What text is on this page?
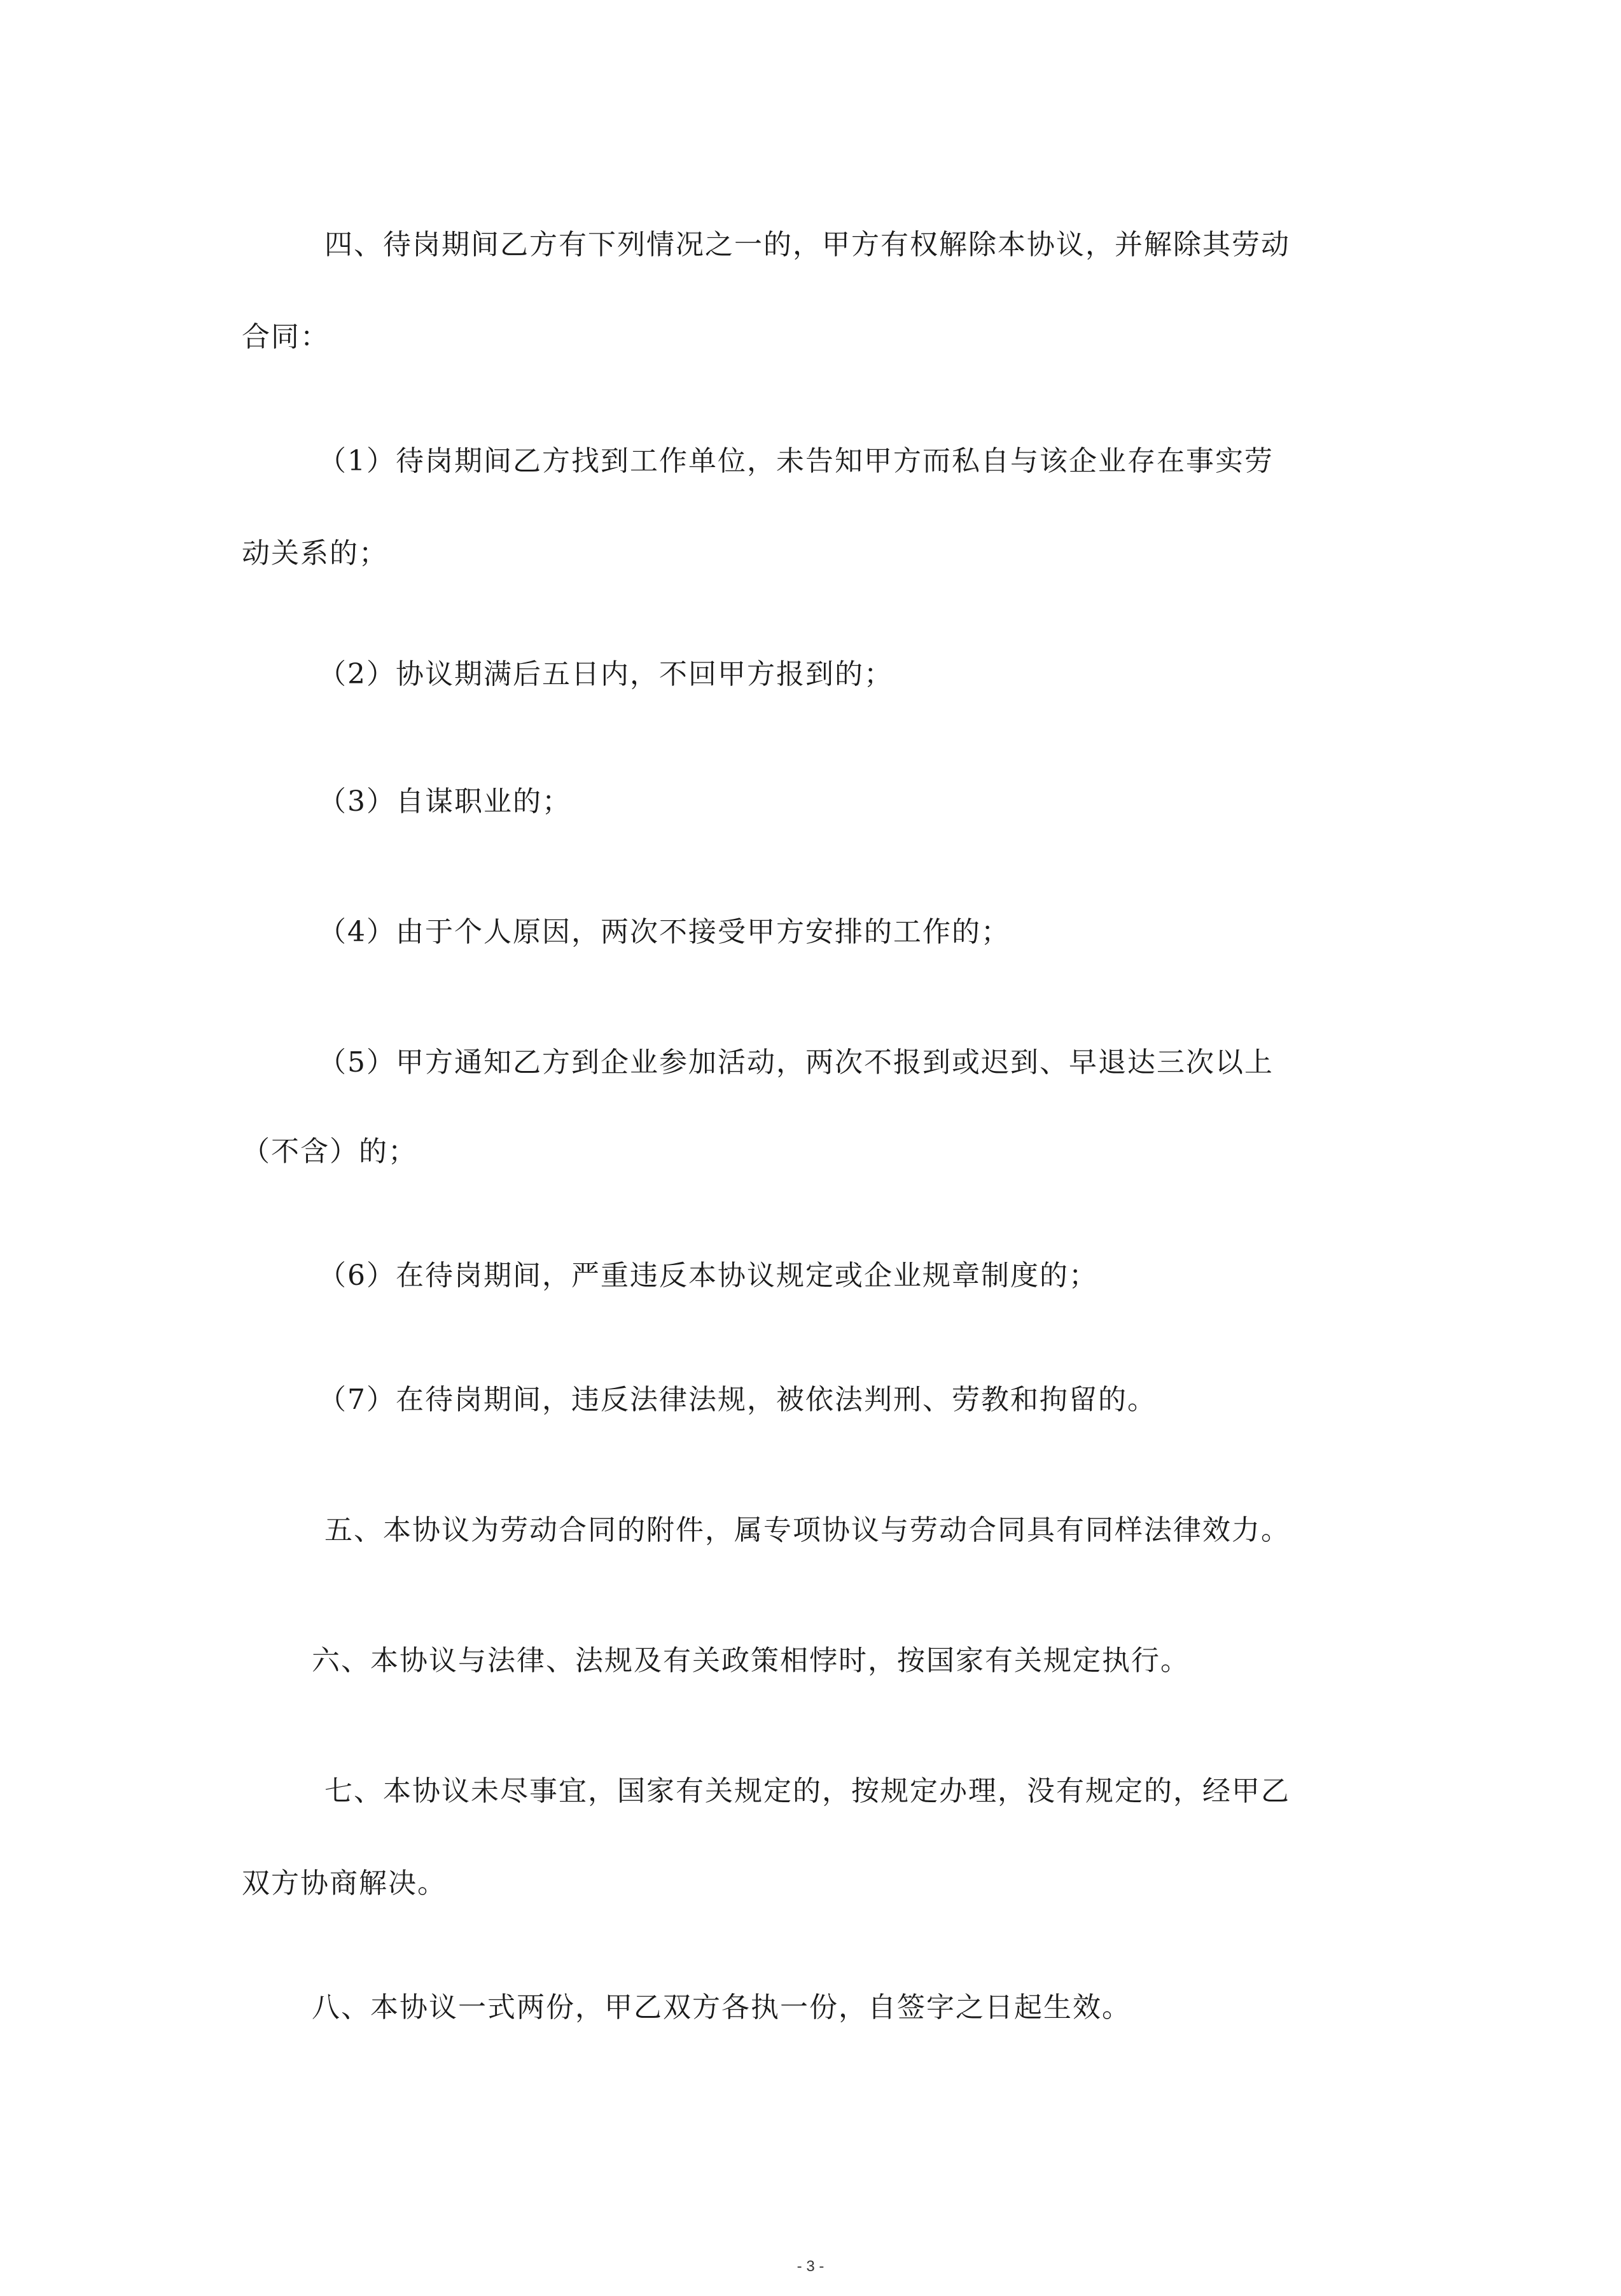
四、待岗期间乙方有下列情况之一的，甲方有权解除本协议，并解除其劳动
合同：
（1）待岗期间乙方找到工作单位，未告知甲方而私自与该企业存在事实劳
动关系的；
（2）协议期满后五日内，不回甲方报到的；
（3）自谋职业的；
（4）由于个人原因，两次不接受甲方安排的工作的；
（5）甲方通知乙方到企业参加活动，两次不报到或迟到、早退达三次以上
（不含）的；
（6）在待岗期间，严重违反本协议规定或企业规章制度的；
（7）在待岗期间，违反法律法规，被依法判刑、劳教和拘留的。
五、本协议为劳动合同的附件，属专项协议与劳动合同具有同样法律效力。
六、本协议与法律、法规及有关政策相悖时，按国家有关规定执行。
七、本协议未尽事宜，国家有关规定的，按规定办理，没有规定的，经甲乙
双方协商解决。
八、本协议一式两份，甲乙双方各执一份，自签字之日起生效。
- 3 -
